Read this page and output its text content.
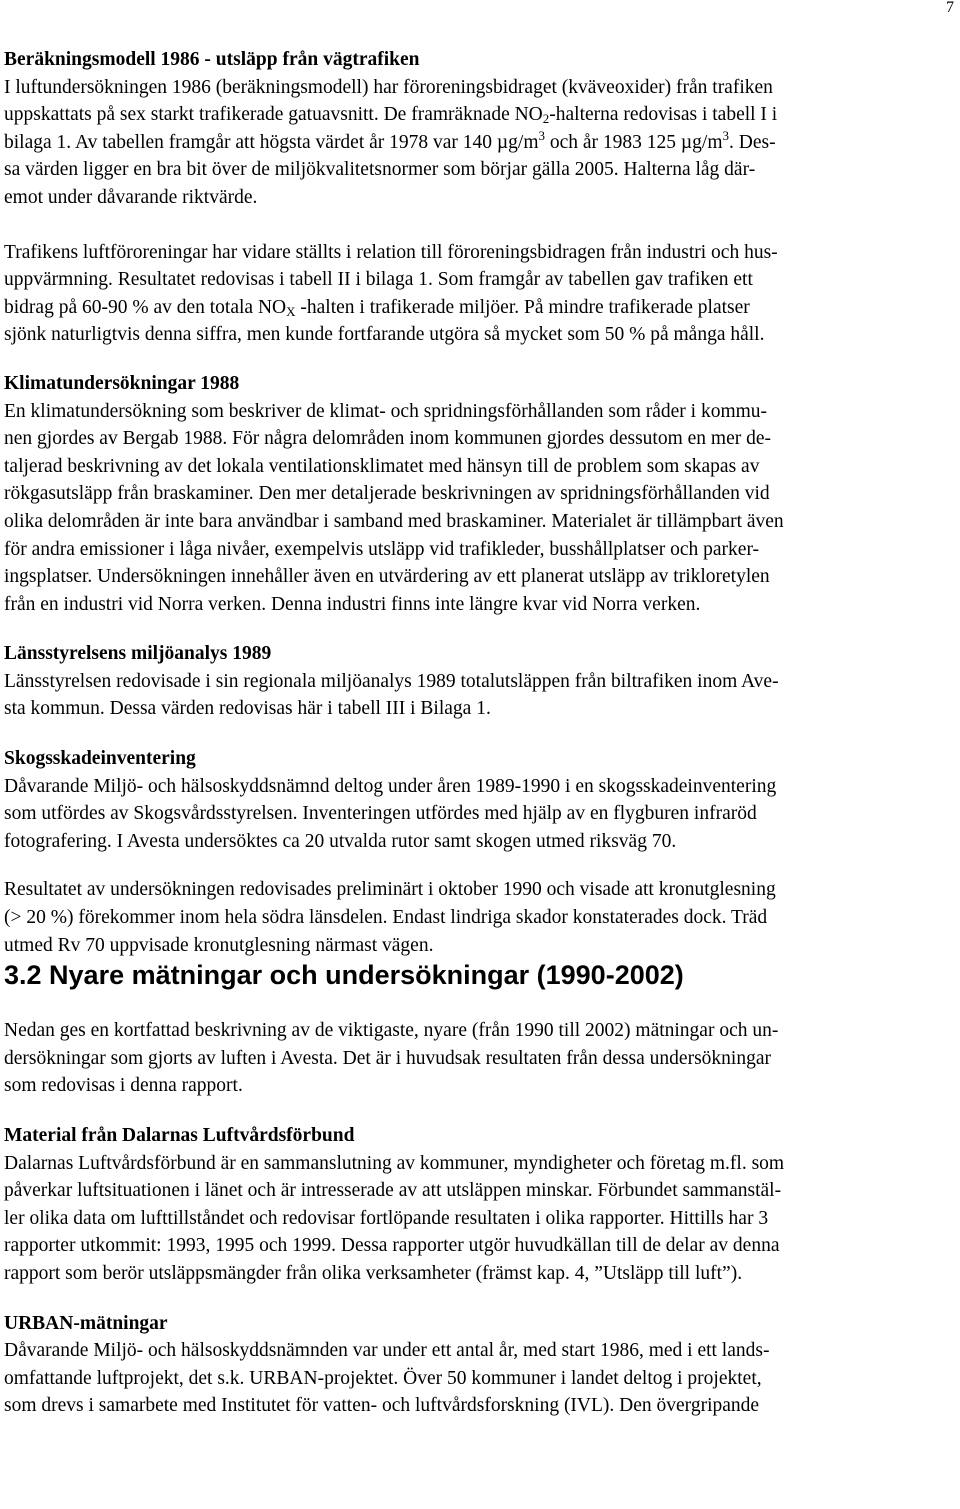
7

Beräkningsmodell 1986 - utsläpp från vägtrafiken
I luftundersökningen 1986 (beräkningsmodell) har föroreningsbidraget (kväveoxider) från trafiken
uppskattats på sex starkt trafikerade gatuavsnitt. De framräknade $NO_2$-halterna redovisas i tabell I i
bilaga 1. Av tabellen framgår att högsta värdet år 1978 var 140 $\mu g/m^3$ och år 1983 125 $\mu g/m^3$. Des-
sa värden ligger en bra bit över de miljökvalitetsnormer som börjar gälla 2005. Halterna låg där-
emot under dåvarande riktvärde.

Trafikens luftföroreningar har vidare ställts i relation till föroreningsbidragen från industri och hus-
uppvärmning. Resultatet redovisas i tabell II i bilaga 1. Som framgår av tabellen gav trafiken ett
bidrag på 60-90 % av den totala $NO_X$ -halten i trafikerade miljöer. På mindre trafikerade platser
sjönk naturligtvis denna siffra, men kunde fortfarande utgöra så mycket som 50 % på många håll.

Klimatundersökningar 1988
En klimatundersökning som beskriver de klimat- och spridningsförhållanden som råder i kommu-
nen gjordes av Bergab 1988. För några delområden inom kommunen gjordes dessutom en mer de-
taljerad beskrivning av det lokala ventilationsklimatet med hänsyn till de problem som skapas av
rökgasutsläpp från braskaminer. Den mer detaljerade beskrivningen av spridningsförhållanden vid
olika delområden är inte bara användbar i samband med braskaminer. Materialet är tillämpbart även
för andra emissioner i låga nivåer, exempelvis utsläpp vid trafikleder, busshållplatser och parker-
ingsplatser. Undersökningen innehåller även en utvärdering av ett planerat utsläpp av trikloretylen
från en industri vid Norra verken. Denna industri finns inte längre kvar vid Norra verken.

Länsstyrelsens miljöanalys 1989
Länsstyrelsen redovisade i sin regionala miljöanalys 1989 totalutsläppen från biltrafiken inom Ave-
sta kommun. Dessa värden redovisas här i tabell III i Bilaga 1.

Skogsskadeinventering
Dåvarande Miljö- och hälsoskyddsnämnd deltog under åren 1989-1990 i en skogsskadeinventering
som utfördes av Skogsvårdsstyrelsen. Inventeringen utfördes med hjälp av en flygburen infraröd
fotografering. I Avesta undersöktes ca 20 utvalda rutor samt skogen utmed riksväg 70.

Resultatet av undersökningen redovisades preliminärt i oktober 1990 och visade att kronutglesning
(> 20 %) förekommer inom hela södra länsdelen. Endast lindriga skador konstaterades dock. Träd
utmed Rv 70 uppvisade kronutglesning närmast vägen.

3.2 Nyare mätningar och undersökningar (1990-2002)

Nedan ges en kortfattad beskrivning av de viktigaste, nyare (från 1990 till 2002) mätningar och un-
dersökningar som gjorts av luften i Avesta. Det är i huvudsak resultaten från dessa undersökningar
som redovisas i denna rapport.

Material från Dalarnas Luftvårdsförbund
Dalarnas Luftvårdsförbund är en sammanslutning av kommuner, myndigheter och företag m.fl. som
påverkar luftsituationen i länet och är intresserade av att utsläppen minskar. Förbundet sammanstäl-
ler olika data om lufttillståndet och redovisar fortlöpande resultaten i olika rapporter. Hittills har 3
rapporter utkommit: 1993, 1995 och 1999. Dessa rapporter utgör huvudkällan till de delar av denna
rapport som berör utsläppsmängder från olika verksamheter (främst kap. 4, ”Utsläpp till luft”).

URBAN-mätningar
Dåvarande Miljö- och hälsoskyddsnämnden var under ett antal år, med start 1986, med i ett lands-
omfattande luftprojekt, det s.k. URBAN-projektet. Över 50 kommuner i landet deltog i projektet,
som drevs i samarbete med Institutet för vatten- och luftvårdsforskning (IVL). Den övergripande
